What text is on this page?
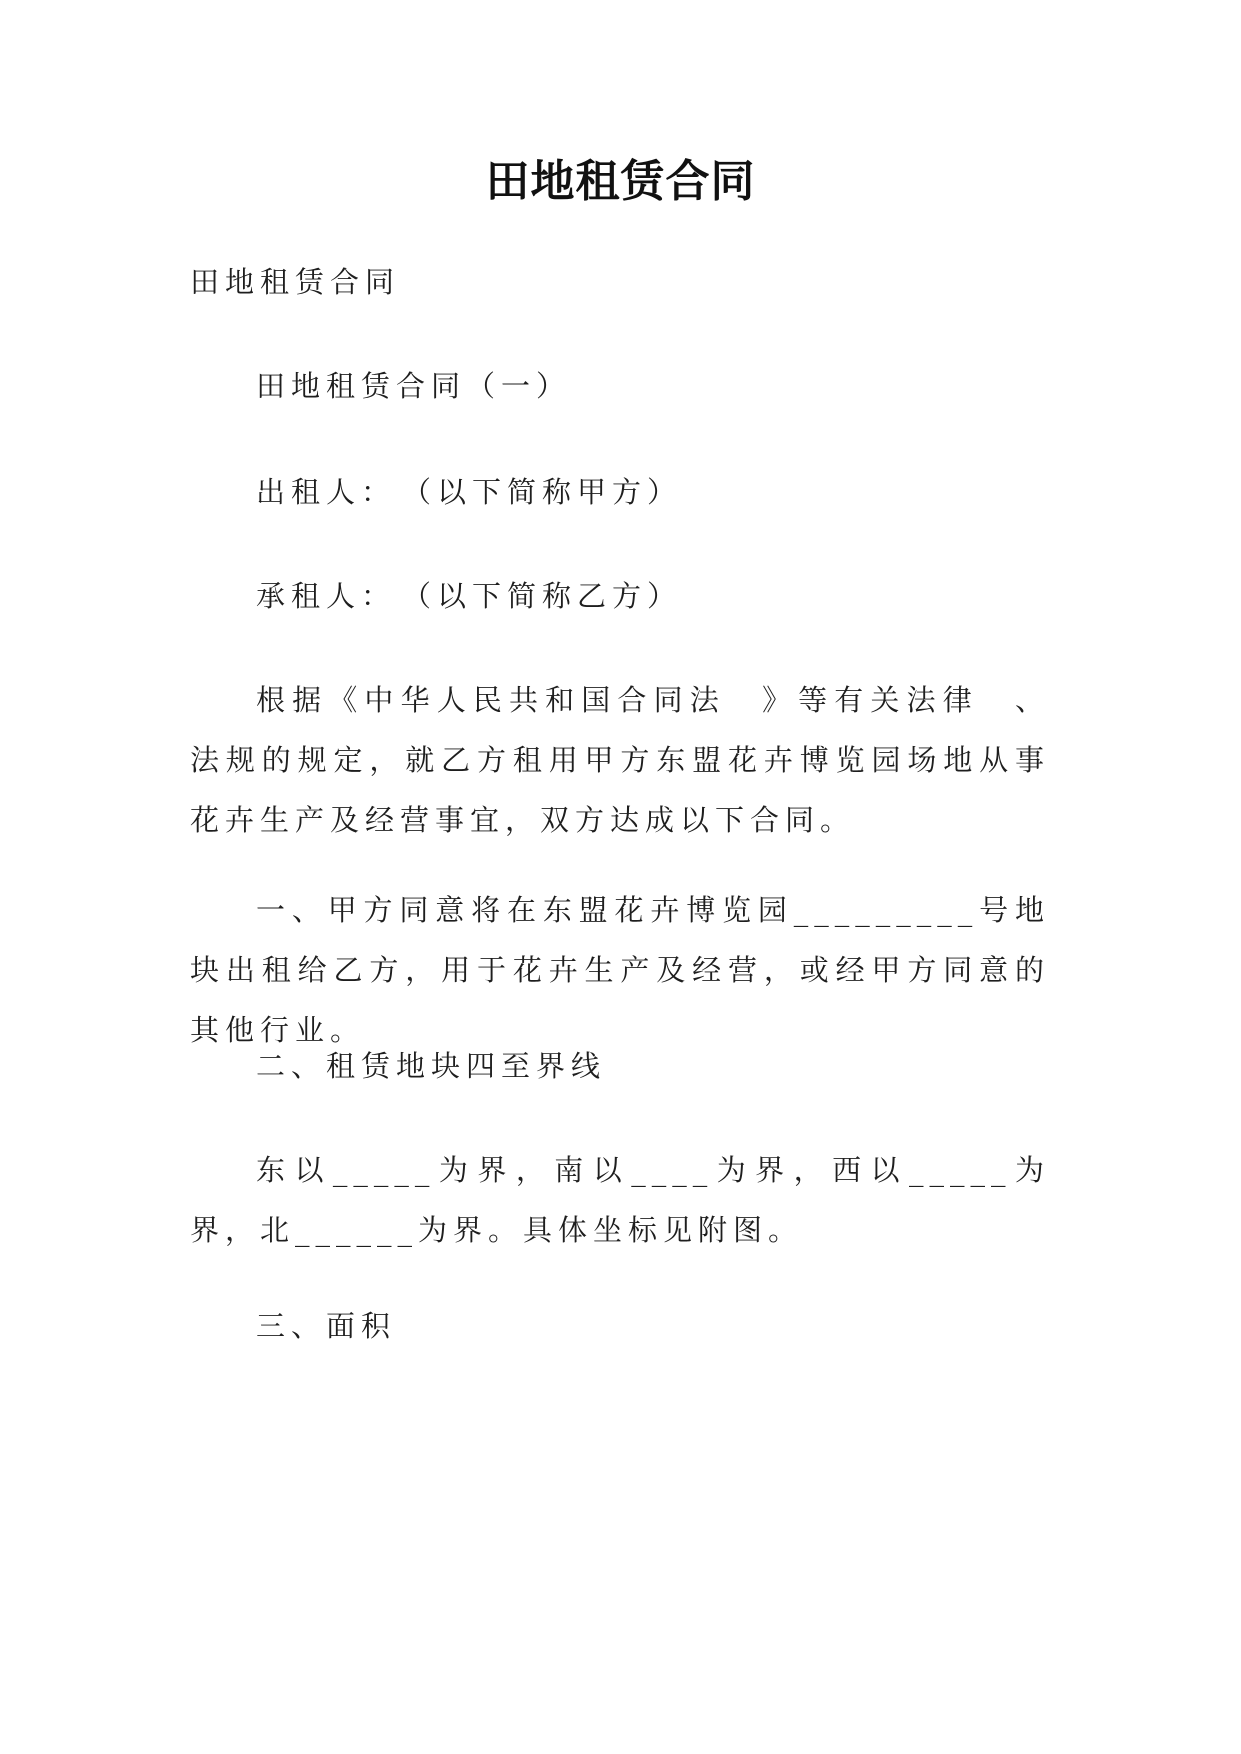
田地租赁合同

田地租赁合同

田地租赁合同（一）

出租人：　（以下简称甲方）

承租人：　（以下简称乙方）

根据《中华人民共和国合同法　》等有关法律　、法规的规定，就乙方租用甲方东盟花卉博览园场地从事花卉生产及经营事宜，双方达成以下合同。

一、甲方同意将在东盟花卉博览园_________号地块出租给乙方，用于花卉生产及经营，或经甲方同意的其他行业。

二、租赁地块四至界线

东以_____为界，南以____为界，西以_____为界，北______为界。具体坐标见附图。

三、面积
